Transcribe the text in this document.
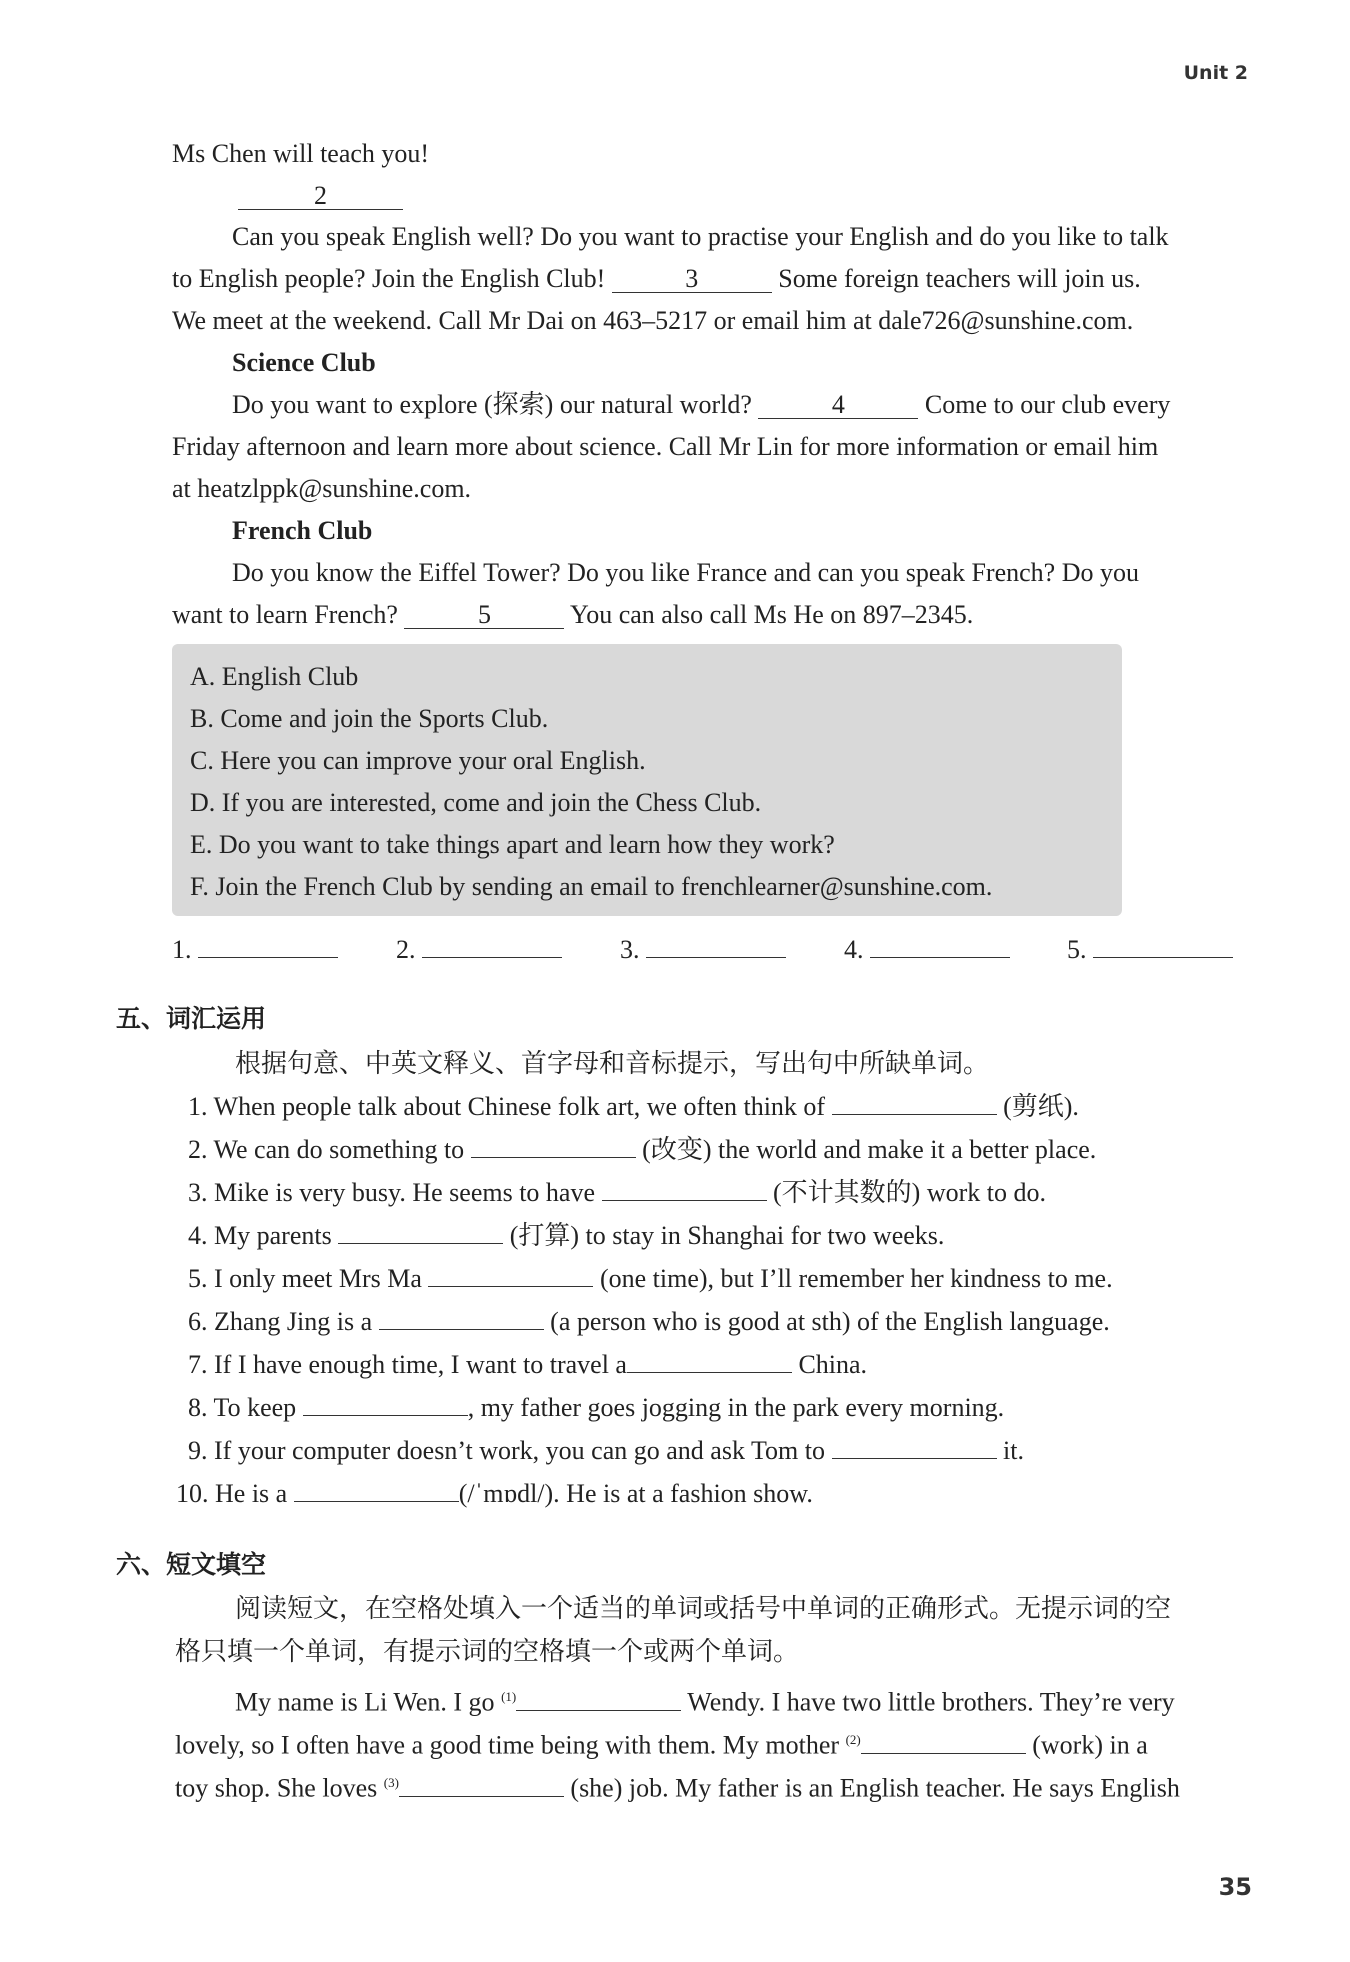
Unit 2
Ms Chen will teach you!
2
Can you speak English well? Do you want to practise your English and do you like to talk
to English people? Join the English Club!	3	Some foreign teachers will join us.
We meet at the weekend. Call Mr Dai on 463–5217 or email him at dale726@sunshine.com.
Science Club
Do you want to explore (探索) our natural world?	4	Come to our club every
Friday afternoon and learn more about science. Call Mr Lin for more information or email him
at heatzlppk@sunshine.com.
French Club
Do you know the Eiffel Tower? Do you like France and can you speak French? Do you
want to learn French?	5	You can also call Ms He on 897–2345.
A. English Club
B. Come and join the Sports Club.
C. Here you can improve your oral English.
D. If you are interested, come and join the Chess Club.
E. Do you want to take things apart and learn how they work?
F. Join the French Club by sending an email to frenchlearner@sunshine.com.
1.	2.	3.	4.	5.
五、词汇运用
根据句意、中英文释义、首字母和音标提示，写出句中所缺单词。
1. When people talk about Chinese folk art, we often think of	(剪纸).
2. We can do something to	(改变) the world and make it a better place.
3. Mike is very busy. He seems to have	(不计其数的) work to do.
4. My parents	(打算) to stay in Shanghai for two weeks.
5. I only meet Mrs Ma	(one time), but I’ll remember her kindness to me.
6. Zhang Jing is a	(a person who is good at sth) of the English language.
7. If I have enough time, I want to travel a	China.
8. To keep	, my father goes jogging in the park every morning.
9. If your computer doesn’t work, you can go and ask Tom to	it.
10. He is a	(/ˈmɒdl/). He is at a fashion show.
六、短文填空
阅读短文，在空格处填入一个适当的单词或括号中单词的正确形式。无提示词的空
格只填一个单词，有提示词的空格填一个或两个单词。
My name is Li Wen. I go $^{(1)}$	Wendy. I have two little brothers. They’re very
lovely, so I often have a good time being with them. My mother $^{(2)}$	(work) in a
toy shop. She loves $^{(3)}$	(she) job. My father is an English teacher. He says English
35
